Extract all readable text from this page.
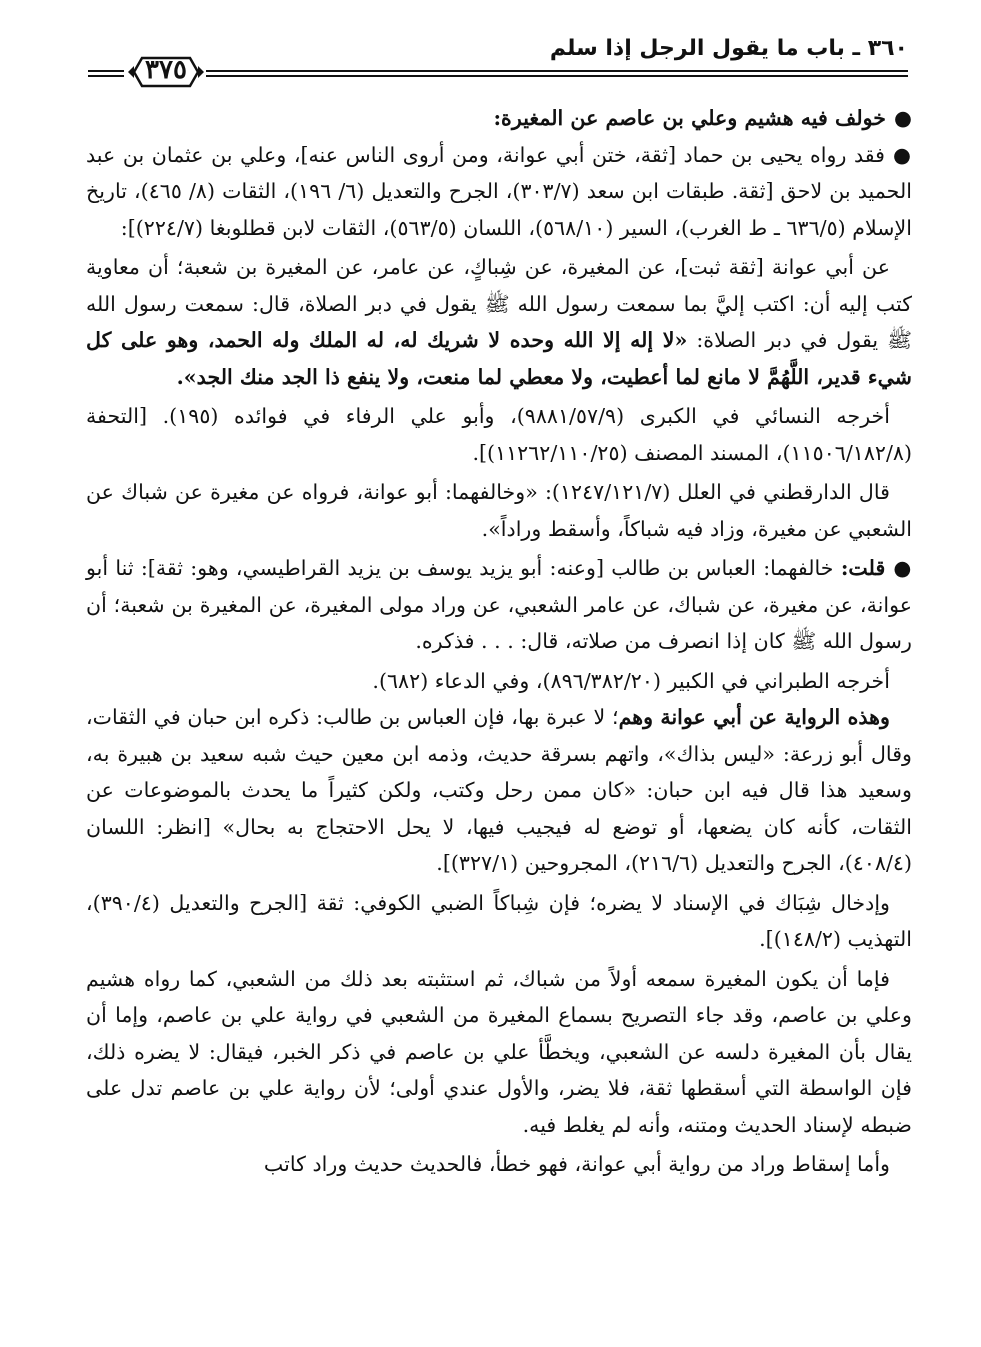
٣٦٠ ـ باب ما يقول الرجل إذا سلم
٣٧٥

●خولف فيه هشيم وعلي بن عاصم عن المغيرة:

●فقد رواه يحيى بن حماد [ثقة، ختن أبي عوانة، ومن أروى الناس عنه]، وعلي بن عثمان بن عبد الحميد بن لاحق [ثقة. طبقات ابن سعد (٣٠٣/٧)، الجرح والتعديل (٦/ ١٩٦)، الثقات (٨/ ٤٦٥)، تاريخ الإسلام (٦٣٦/٥ ـ ط الغرب)، السير (٥٦٨/١٠)، اللسان (٥٦٣/٥)، الثقات لابن قطلوبغا (٢٢٤/٧)]:

عن أبي عوانة [ثقة ثبت]، عن المغيرة، عن شِباكٍ، عن عامر، عن المغيرة بن شعبة؛ أن معاوية كتب إليه أن: اكتب إليَّ بما سمعت رسول الله ﷺ يقول في دبر الصلاة، قال: سمعت رسول الله ﷺ يقول في دبر الصلاة: «لا إله إلا الله وحده لا شريك له، له الملك وله الحمد، وهو على كل شيء قدير، اللَّهُمَّ لا مانع لما أعطيت، ولا معطي لما منعت، ولا ينفع ذا الجد منك الجد».

أخرجه النسائي في الكبرى (٩٨٨١/٥٧/٩)، وأبو علي الرفاء في فوائده (١٩٥). [التحفة (١١٥٠٦/١٨٢/٨)، المسند المصنف (١١٢٦٢/١١٠/٢٥)].

قال الدارقطني في العلل (١٢٤٧/١٢١/٧): «وخالفهما: أبو عوانة، فرواه عن مغيرة عن شباك عن الشعبي عن مغيرة، وزاد فيه شباكاً، وأسقط وراداً».

●قلت: خالفهما: العباس بن طالب [وعنه: أبو يزيد يوسف بن يزيد القراطيسي، وهو: ثقة]: ثنا أبو عوانة، عن مغيرة، عن شباك، عن عامر الشعبي، عن وراد مولى المغيرة، عن المغيرة بن شعبة؛ أن رسول الله ﷺ كان إذا انصرف من صلاته، قال: . . . فذكره.

أخرجه الطبراني في الكبير (٨٩٦/٣٨٢/٢٠)، وفي الدعاء (٦٨٢).

وهذه الرواية عن أبي عوانة وهم؛ لا عبرة بها، فإن العباس بن طالب: ذكره ابن حبان في الثقات، وقال أبو زرعة: «ليس بذاك»، واتهم بسرقة حديث، وذمه ابن معين حيث شبه سعيد بن هبيرة به، وسعيد هذا قال فيه ابن حبان: «كان ممن رحل وكتب، ولكن كثيراً ما يحدث بالموضوعات عن الثقات، كأنه كان يضعها، أو توضع له فيجيب فيها، لا يحل الاحتجاج به بحال» [انظر: اللسان (٤٠٨/٤)، الجرح والتعديل (٢١٦/٦)، المجروحين (٣٢٧/١)].

وإدخال شِبَاك في الإسناد لا يضره؛ فإن شِباكاً الضبي الكوفي: ثقة [الجرح والتعديل (٣٩٠/٤)، التهذيب (١٤٨/٢)].

فإما أن يكون المغيرة سمعه أولاً من شباك، ثم استثبته بعد ذلك من الشعبي، كما رواه هشيم وعلي بن عاصم، وقد جاء التصريح بسماع المغيرة من الشعبي في رواية علي بن عاصم، وإما أن يقال بأن المغيرة دلسه عن الشعبي، ويخطَّأ علي بن عاصم في ذكر الخبر، فيقال: لا يضره ذلك، فإن الواسطة التي أسقطها ثقة، فلا يضر، والأول عندي أولى؛ لأن رواية علي بن عاصم تدل على ضبطه لإسناد الحديث ومتنه، وأنه لم يغلط فيه.

وأما إسقاط وراد من رواية أبي عوانة، فهو خطأ، فالحديث حديث وراد كاتب
